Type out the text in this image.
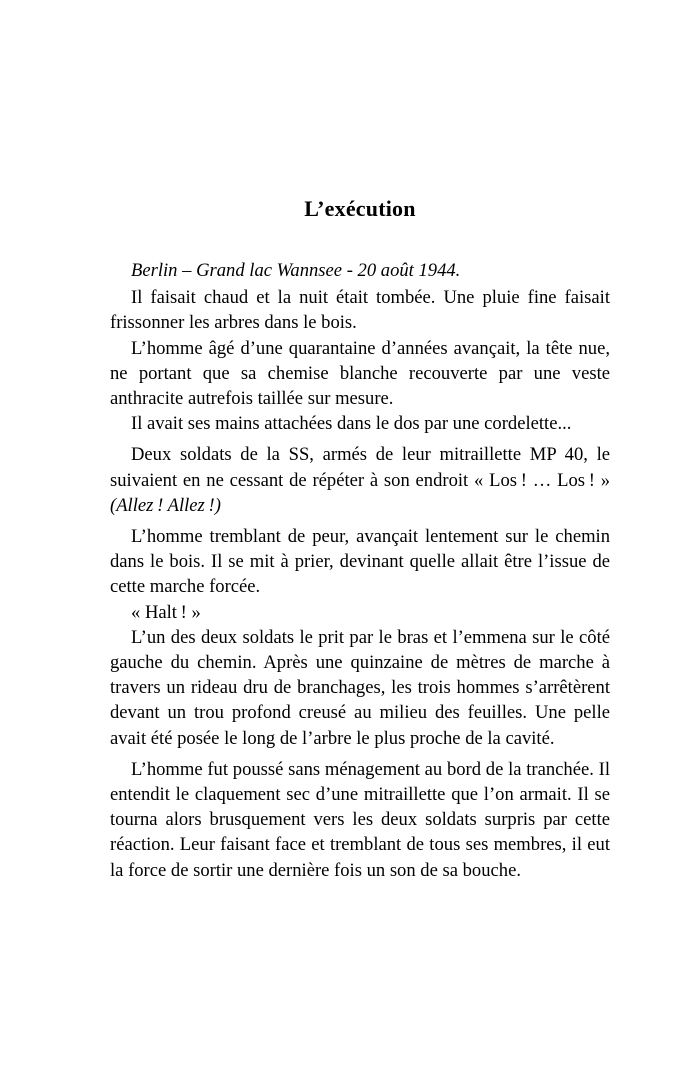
L’exécution

Berlin – Grand lac Wannsee - 20 août 1944.

Il faisait chaud et la nuit était tombée. Une pluie fine faisait frissonner les arbres dans le bois.

L’homme âgé d’une quarantaine d’années avançait, la tête nue, ne portant que sa chemise blanche recouverte par une veste anthracite autrefois taillée sur mesure.

Il avait ses mains attachées dans le dos par une cordelette...

Deux soldats de la SS, armés de leur mitraillette MP 40, le suivaient en ne cessant de répéter à son endroit « Los ! … Los ! » (Allez ! Allez !)

L’homme tremblant de peur, avançait lentement sur le chemin dans le bois. Il se mit à prier, devinant quelle allait être l’issue de cette marche forcée.

« Halt ! »

L’un des deux soldats le prit par le bras et l’emmena sur le côté gauche du chemin. Après une quinzaine de mètres de marche à travers un rideau dru de branchages, les trois hommes s’arrêtèrent devant un trou profond creusé au milieu des feuilles. Une pelle avait été posée le long de l’arbre le plus proche de la cavité.

L’homme fut poussé sans ménagement au bord de la tranchée. Il entendit le claquement sec d’une mitraillette que l’on armait. Il se tourna alors brusquement vers les deux soldats surpris par cette réaction. Leur faisant face et tremblant de tous ses membres, il eut la force de sortir une dernière fois un son de sa bouche.
